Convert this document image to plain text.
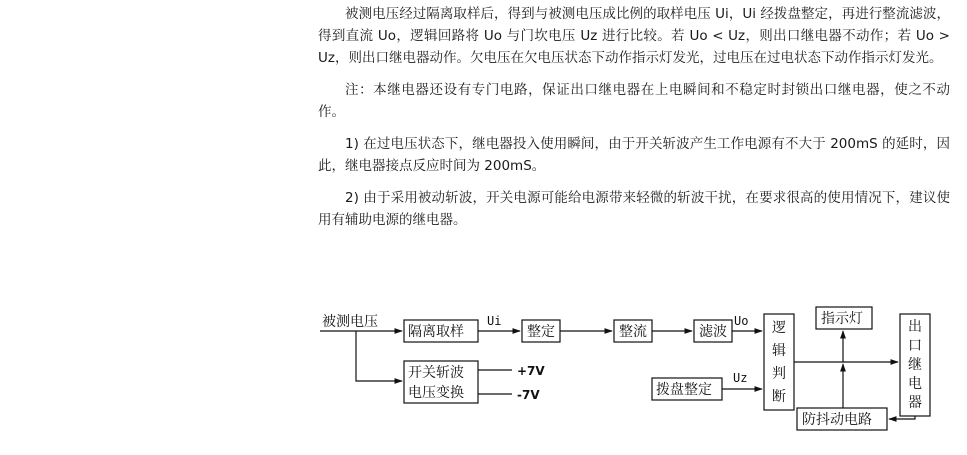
被测电压经过隔离取样后，得到与被测电压成比例的取样电压 Ui，Ui 经拨盘整定，再进行整流滤波，得到直流 Uo，逻辑回路将 Uo 与门坎电压 Uz 进行比较。若 Uo < Uz，则出口继电器不动作；若 Uo > Uz，则出口继电器动作。欠电压在欠电压状态下动作指示灯发光，过电压在过电状态下动作指示灯发光。

注：本继电器还设有专门电路，保证出口继电器在上电瞬间和不稳定时封锁出口继电器，使之不动作。

1) 在过电压状态下，继电器投入使用瞬间，由于开关斩波产生工作电源有不大于 200mS 的延时，因此，继电器接点反应时间为 200mS。

2) 由于采用被动斩波，开关电源可能给电源带来轻微的斩波干扰，在要求很高的使用情况下，建议使用有辅助电源的继电器。

被测电压
隔离取样
Ui
整定	整流	滤波
Uo 逻
辑
判
断
指示灯	出
口
继
电
器
开关斩波
电压变换
+7V
-7V	拨盘整定
Uz
防抖动电路
